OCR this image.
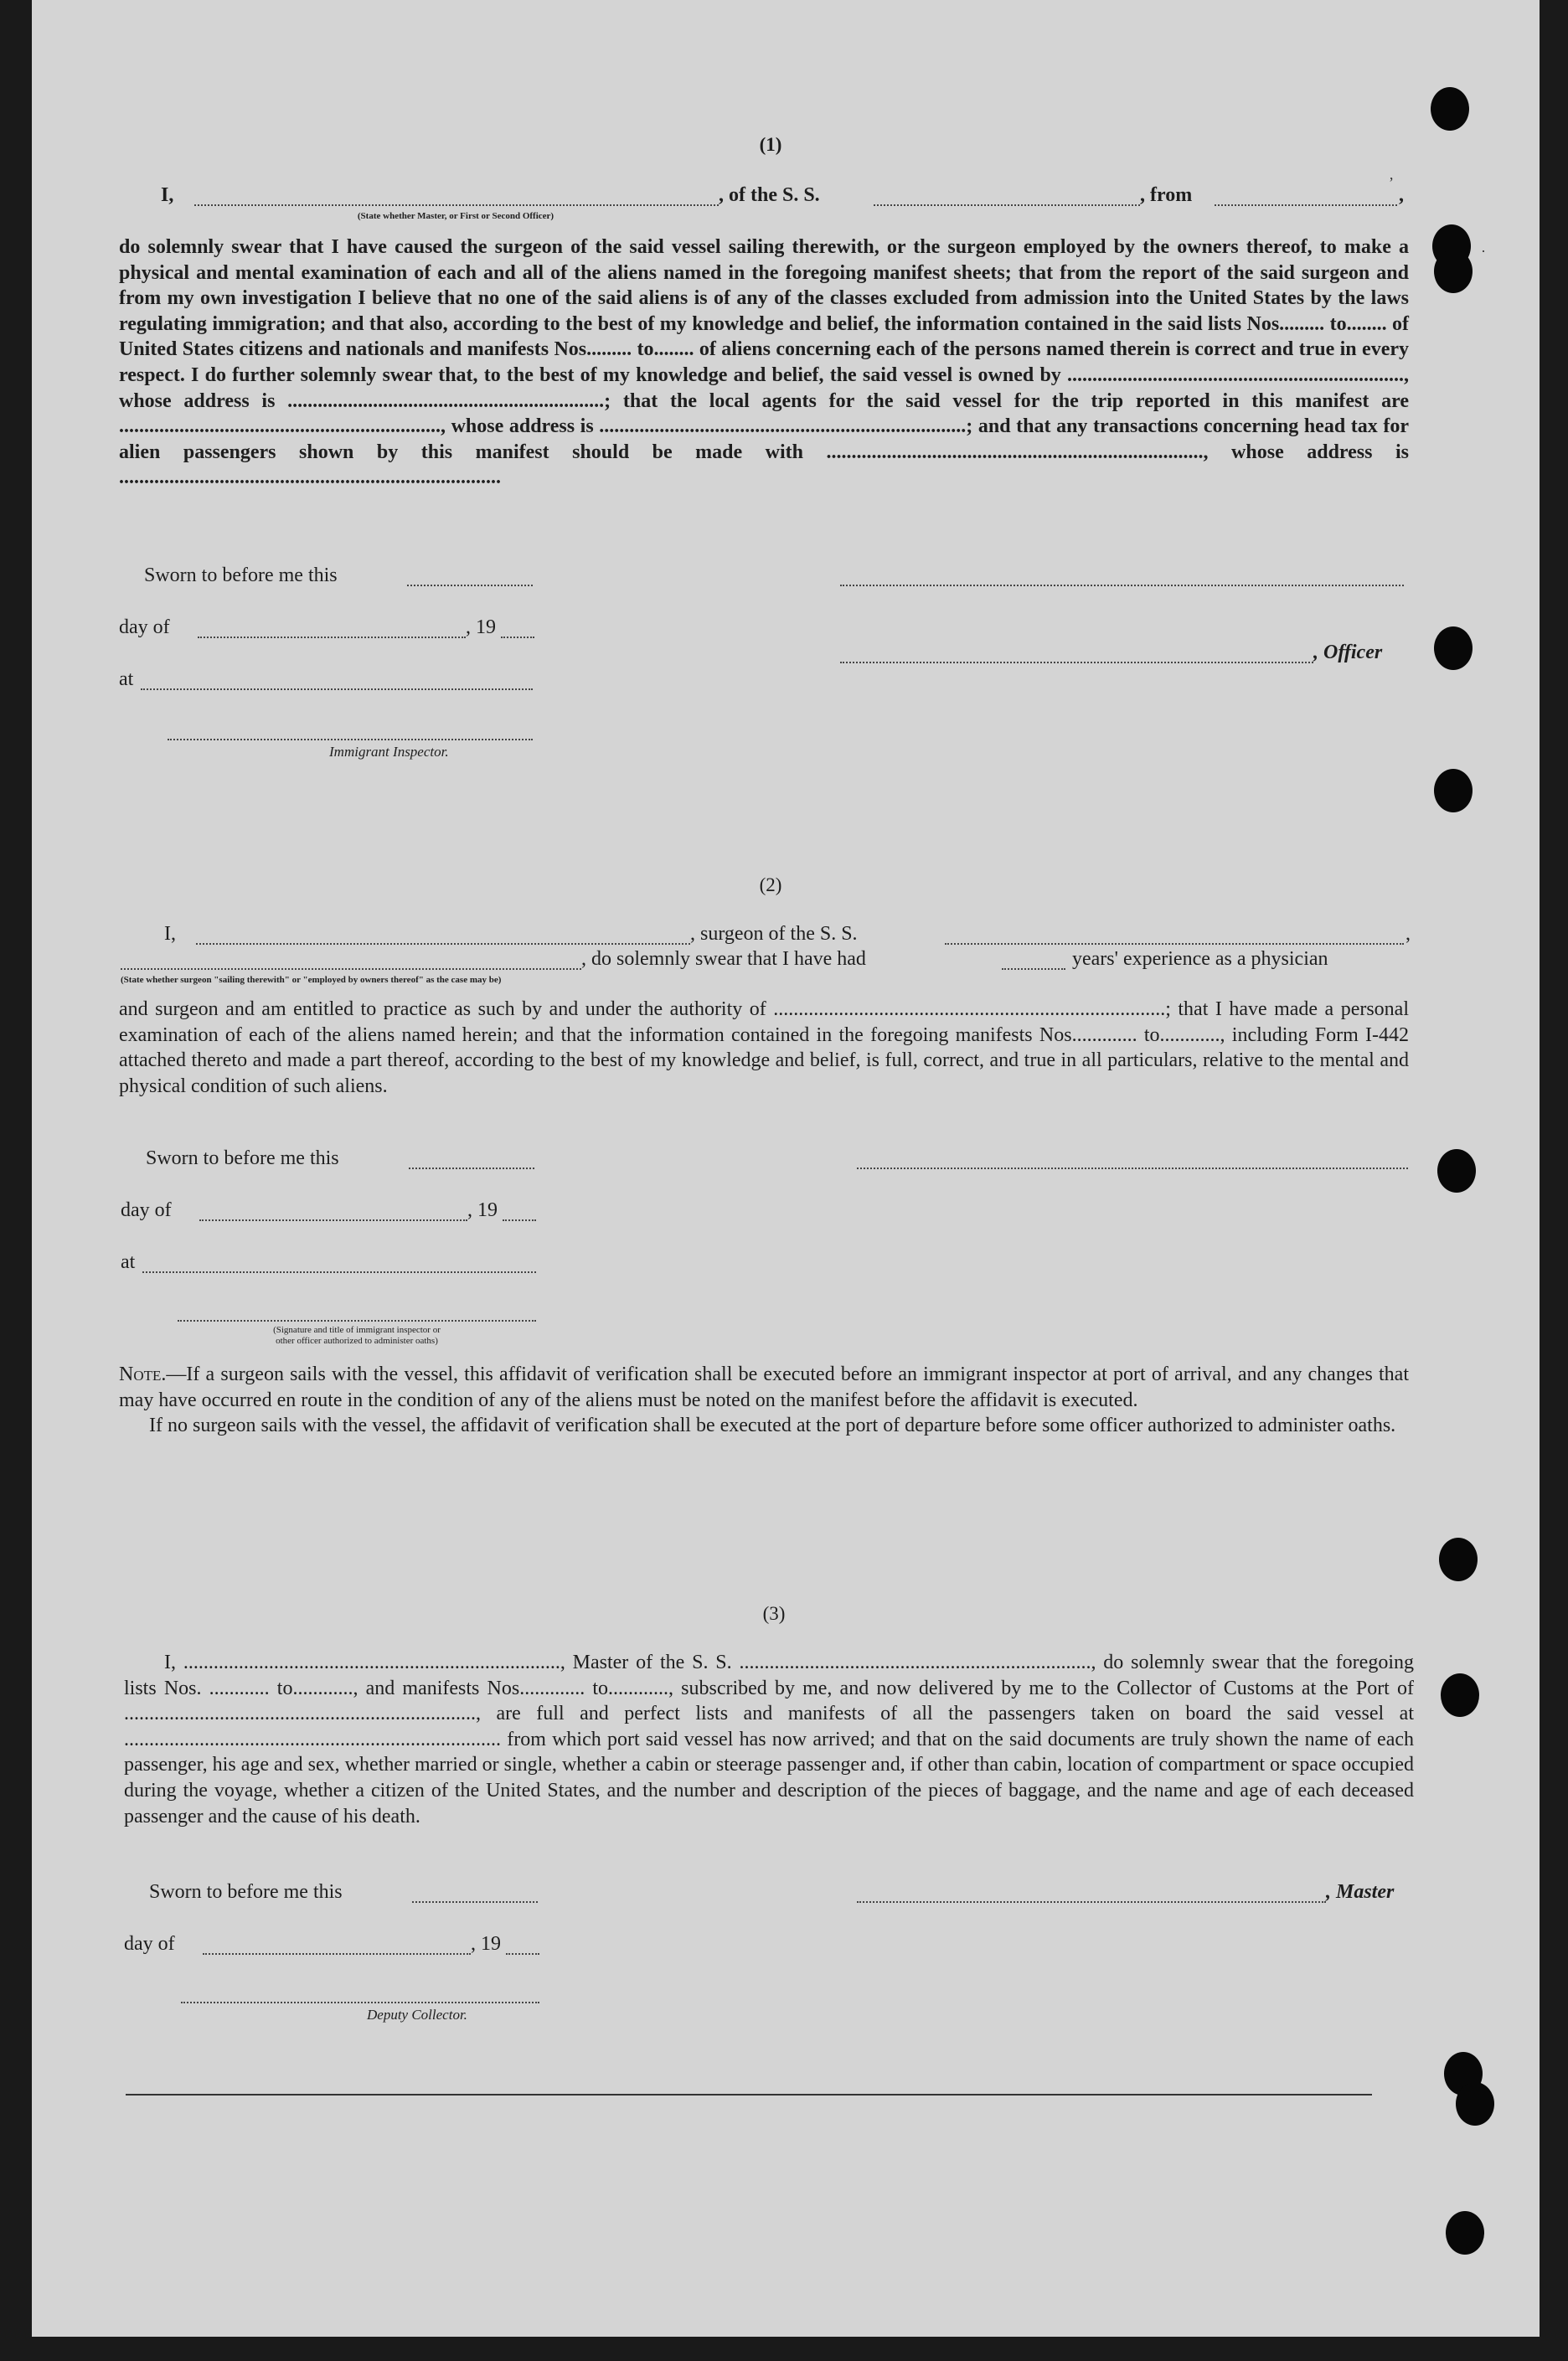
(1)
I,
(State whether Master, or First or Second Officer)
, of the S. S.	, from	,
ʼ

do solemnly swear that I have caused the surgeon of the said vessel sailing therewith, or the surgeon employed by the owners thereof, to make a physical and mental examination of each and all of the aliens named in the foregoing manifest sheets; that from the report of the said surgeon and from my own investigation I believe that no one of the said aliens is of any of the classes excluded from admission into the United States by the laws regulating immigration; and that also, according to the best of my knowledge and belief, the information contained in the said lists Nos......... to........ of United States citizens and nationals and manifests Nos......... to........ of aliens concerning each of the persons named therein is correct and true in every respect. I do further solemnly swear that, to the best of my knowledge and belief, the said vessel is owned by ..................................................................., whose address is ...............................................................; that the local agents for the said vessel for the trip reported in this manifest are ................................................................, whose address is .........................................................................; and that any transactions concerning head tax for alien passengers shown by this manifest should be made with ..........................................................................., whose address is ............................................................................

Sworn to before me this
day of	, 19
, Officer
at
Immigrant Inspector.
(2)
I,	, surgeon of the S. S.	,
, do solemnly swear that I have had	years' experience as a physician
(State whether surgeon "sailing therewith" or "employed by owners thereof" as the case may be)

and surgeon and am entitled to practice as such by and under the authority of ..............................................................................; that I have made a personal examination of each of the aliens named herein; and that the information contained in the foregoing manifests Nos............. to............, including Form I-442 attached thereto and made a part thereof, according to the best of my knowledge and belief, is full, correct, and true in all particulars, relative to the mental and physical condition of such aliens.

Sworn to before me this
day of	, 19
at
(Signature and title of immigrant inspector or
other officer authorized to administer oaths)

Note.—If a surgeon sails with the vessel, this affidavit of verification shall be executed before an immigrant inspector at port of arrival, and any changes that may have occurred en route in the condition of any of the aliens must be noted on the manifest before the affidavit is executed.

If no surgeon sails with the vessel, the affidavit of verification shall be executed at the port of departure before some officer authorized to administer oaths.

(3)

I, ..........................................................................., Master of the S. S. ......................................................................, do solemnly swear that the foregoing lists Nos. ............ to............, and manifests Nos............. to............, subscribed by me, and now delivered by me to the Collector of Customs at the Port of ......................................................................, are full and perfect lists and manifests of all the passengers taken on board the said vessel at ........................................................................... from which port said vessel has now arrived; and that on the said documents are truly shown the name of each passenger, his age and sex, whether married or single, whether a cabin or steerage passenger and, if other than cabin, location of compartment or space occupied during the voyage, whether a citizen of the United States, and the number and description of the pieces of baggage, and the name and age of each deceased passenger and the cause of his death.

Sworn to before me this	, Master
day of	, 19
Deputy Collector.
·
